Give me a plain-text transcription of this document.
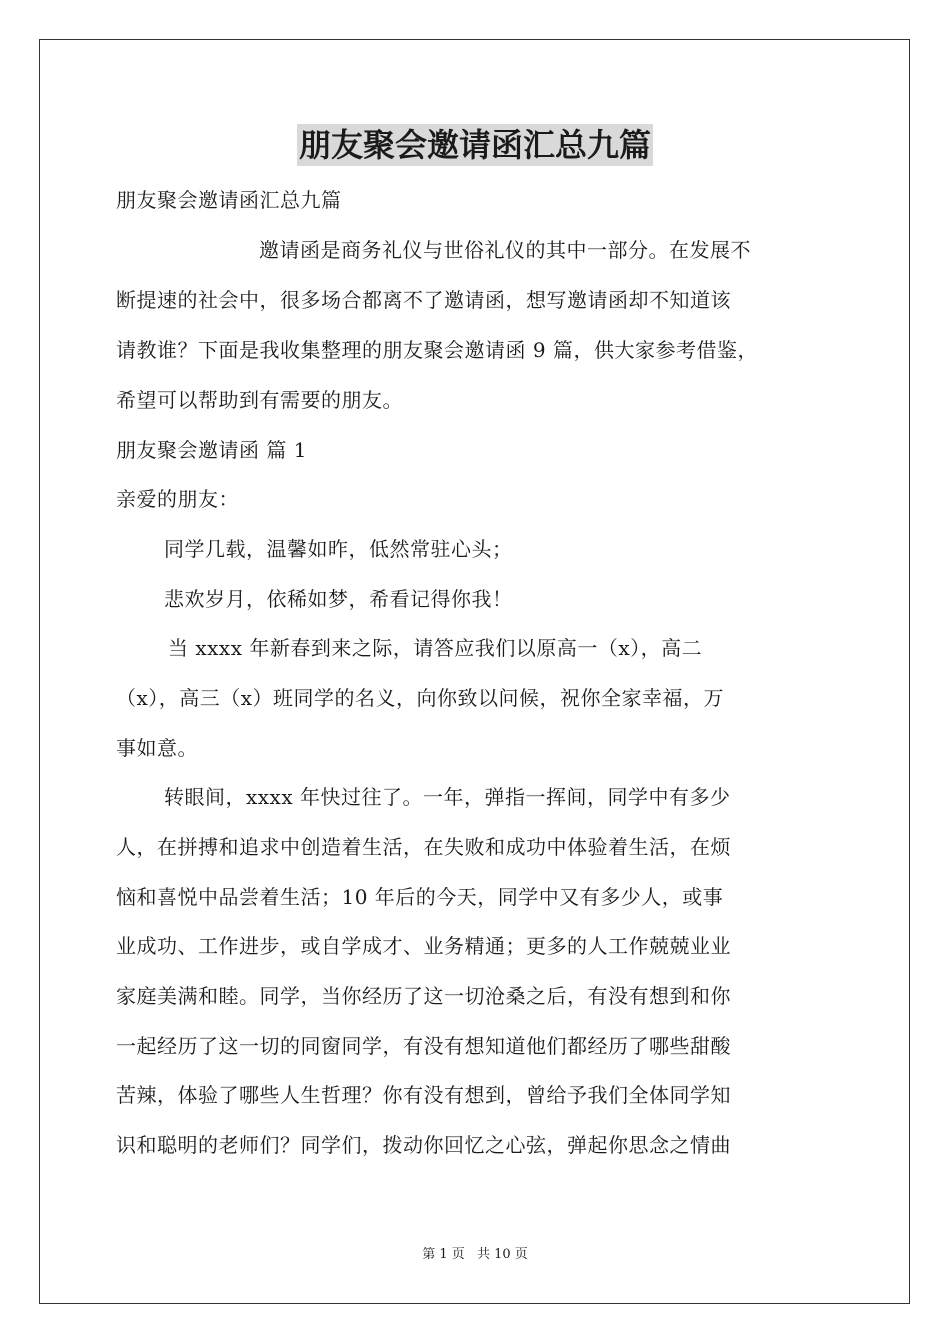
朋友聚会邀请函汇总九篇
朋友聚会邀请函汇总九篇
邀请函是商务礼仪与世俗礼仪的其中一部分。在发展不
断提速的社会中，很多场合都离不了邀请函，想写邀请函却不知道该
请教谁？下面是我收集整理的朋友聚会邀请函 9 篇，供大家参考借鉴，
希望可以帮助到有需要的朋友。
朋友聚会邀请函 篇 1
亲爱的朋友：
同学几载，温馨如昨，低然常驻心头；
悲欢岁月，依稀如梦，希看记得你我！
当 xxxx 年新春到来之际，请答应我们以原高一（x），高二
（x），高三（x）班同学的名义，向你致以问候，祝你全家幸福，万
事如意。
转眼间，xxxx 年快过往了。一年，弹指一挥间，同学中有多少
人，在拼搏和追求中创造着生活，在失败和成功中体验着生活，在烦
恼和喜悦中品尝着生活；10 年后的今天，同学中又有多少人，或事
业成功、工作进步，或自学成才、业务精通；更多的人工作兢兢业业
家庭美满和睦。同学，当你经历了这一切沧桑之后，有没有想到和你
一起经历了这一切的同窗同学，有没有想知道他们都经历了哪些甜酸
苦辣，体验了哪些人生哲理？你有没有想到，曾给予我们全体同学知
识和聪明的老师们？同学们，拨动你回忆之心弦，弹起你思念之情曲
第 1 页 共 10 页
